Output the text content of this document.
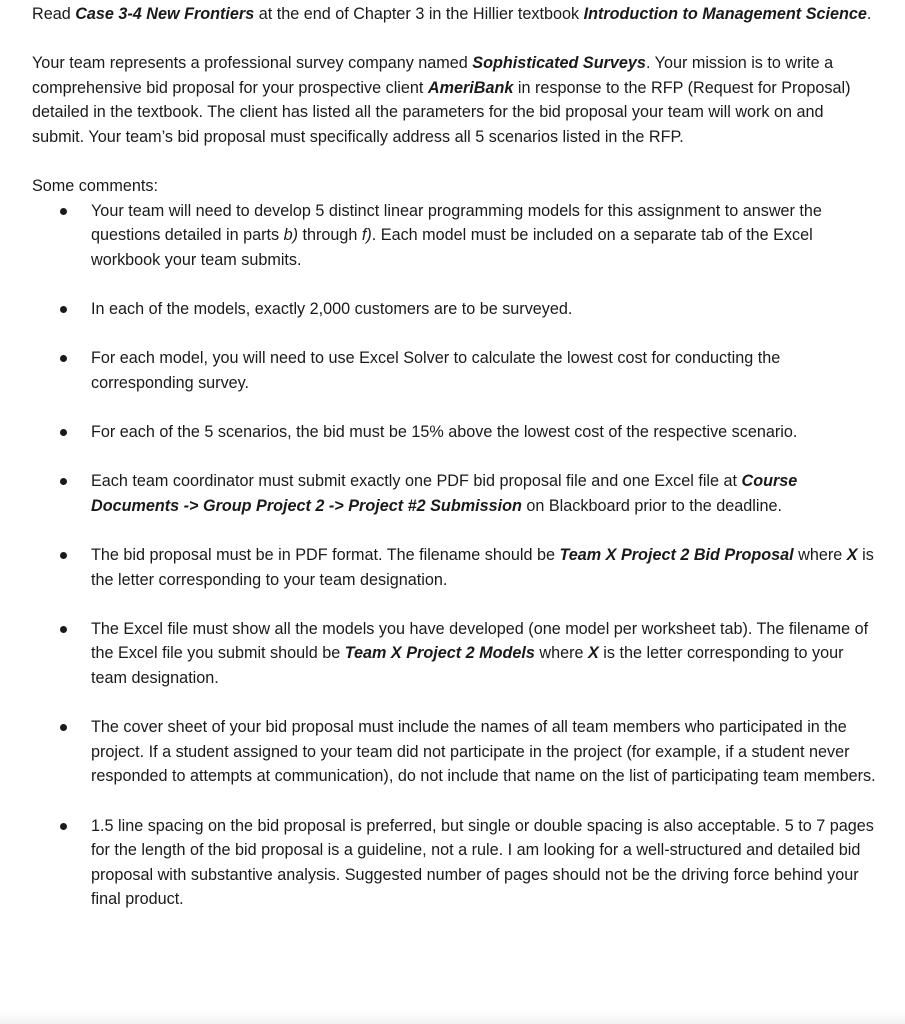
Read Case 3-4 New Frontiers at the end of Chapter 3 in the Hillier textbook Introduction to Management Science.

Your team represents a professional survey company named Sophisticated Surveys. Your mission is to write a comprehensive bid proposal for your prospective client AmeriBank in response to the RFP (Request for Proposal) detailed in the textbook. The client has listed all the parameters for the bid proposal your team will work on and submit. Your team’s bid proposal must specifically address all 5 scenarios listed in the RFP.

Some comments:

Your team will need to develop 5 distinct linear programming models for this assignment to answer the questions detailed in parts b) through f). Each model must be included on a separate tab of the Excel workbook your team submits.
In each of the models, exactly 2,000 customers are to be surveyed.
For each model, you will need to use Excel Solver to calculate the lowest cost for conducting the corresponding survey.
For each of the 5 scenarios, the bid must be 15% above the lowest cost of the respective scenario.
Each team coordinator must submit exactly one PDF bid proposal file and one Excel file at Course Documents -> Group Project 2 -> Project #2 Submission on Blackboard prior to the deadline.
The bid proposal must be in PDF format. The filename should be Team X Project 2 Bid Proposal where X is the letter corresponding to your team designation.
The Excel file must show all the models you have developed (one model per worksheet tab). The filename of the Excel file you submit should be Team X Project 2 Models where X is the letter corresponding to your team designation.
The cover sheet of your bid proposal must include the names of all team members who participated in the project. If a student assigned to your team did not participate in the project (for example, if a student never responded to attempts at communication), do not include that name on the list of participating team members.
1.5 line spacing on the bid proposal is preferred, but single or double spacing is also acceptable. 5 to 7 pages for the length of the bid proposal is a guideline, not a rule. I am looking for a well-structured and detailed bid proposal with substantive analysis. Suggested number of pages should not be the driving force behind your final product.
